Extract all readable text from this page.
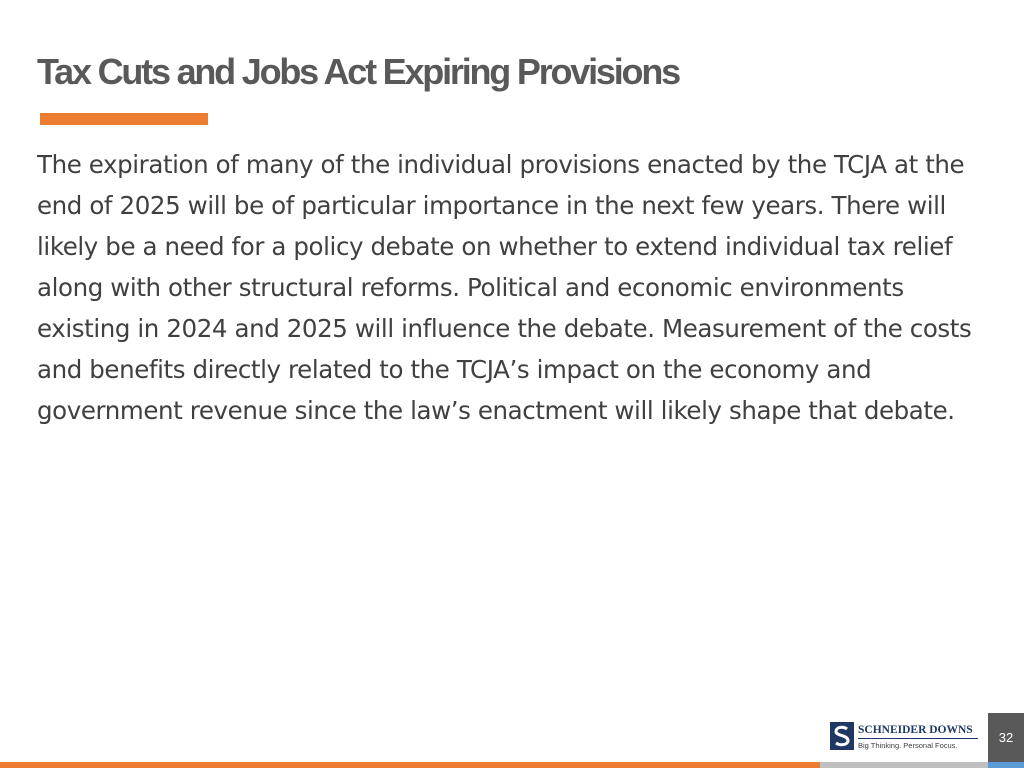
Tax Cuts and Jobs Act Expiring Provisions

The expiration of many of the individual provisions enacted by the TCJA at the end of 2025 will be of particular importance in the next few years. There will likely be a need for a policy debate on whether to extend individual tax relief along with other structural reforms. Political and economic environments existing in 2024 and 2025 will influence the debate. Measurement of the costs and benefits directly related to the TCJA’s impact on the economy and government revenue since the law’s enactment will likely shape that debate.

SCHNEIDER DOWNS
Big Thinking. Personal Focus.
32
